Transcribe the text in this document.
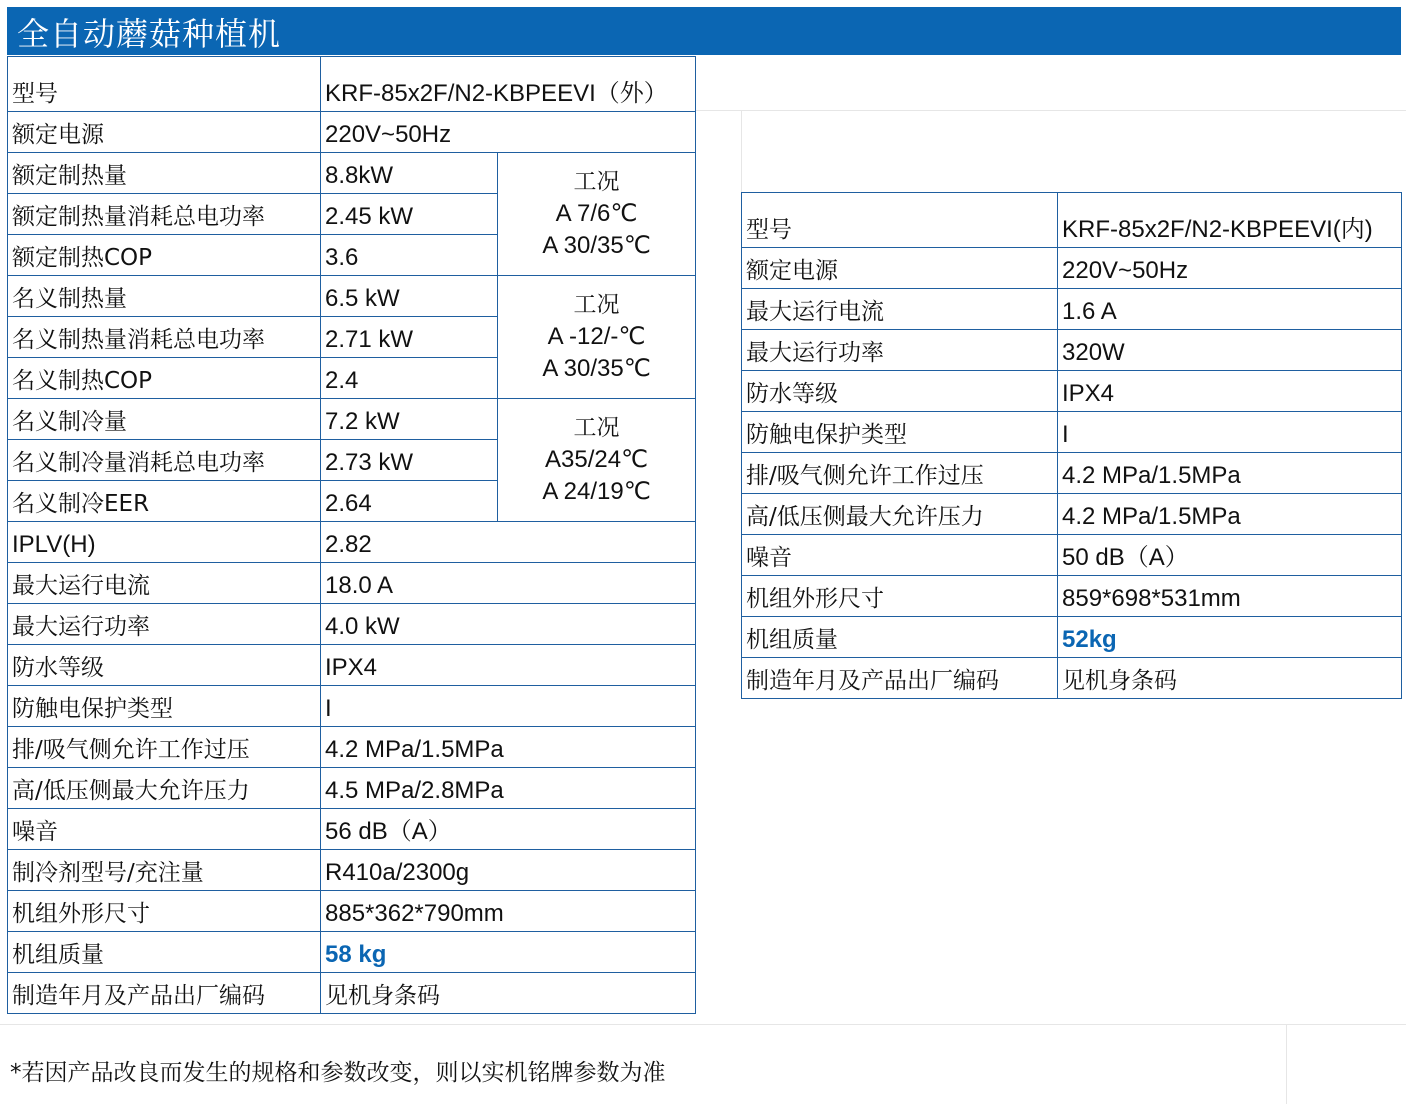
全自动蘑菇种植机
型号	KRF-85x2F/N2-KBPEEVI（外）	
额定电源	220V~50Hz	
额定制热量	8.8kW	工况
A 7/6℃
A 30/35℃

额定制热量消耗总电功率	2.45 kW	
额定制热COP	3.6	
名义制热量	6.5 kW	工况
A -12/-℃
A 30/35℃

名义制热量消耗总电功率	2.71 kW	
名义制热COP	2.4	
名义制冷量	7.2 kW	工况
A35/24℃
A 24/19℃

名义制冷量消耗总电功率	2.73 kW	
名义制冷EER	2.64	
IPLV(H)	2.82	
最大运行电流	18.0 A	
最大运行功率	4.0 kW	
防水等级	IPX4	
防触电保护类型	I	
排/吸气侧允许工作过压	4.2 MPa/1.5MPa	
高/低压侧最大允许压力	4.5 MPa/2.8MPa	
噪音	56 dB（A）	
制冷剂型号/充注量	R410a/2300g	
机组外形尺寸	885*362*790mm	
机组质量	58 kg	
制造年月及产品出厂编码	见机身条码	
型号	KRF-85x2F/N2-KBPEEVI(内)
额定电源	220V~50Hz
最大运行电流	1.6 A
最大运行功率	320W
防水等级	IPX4
防触电保护类型	I
排/吸气侧允许工作过压	4.2 MPa/1.5MPa
高/低压侧最大允许压力	4.2 MPa/1.5MPa
噪音	50 dB（A）
机组外形尺寸	859*698*531mm
机组质量	52kg
制造年月及产品出厂编码	见机身条码
*若因产品改良而发生的规格和参数改变，则以实机铭牌参数为准
